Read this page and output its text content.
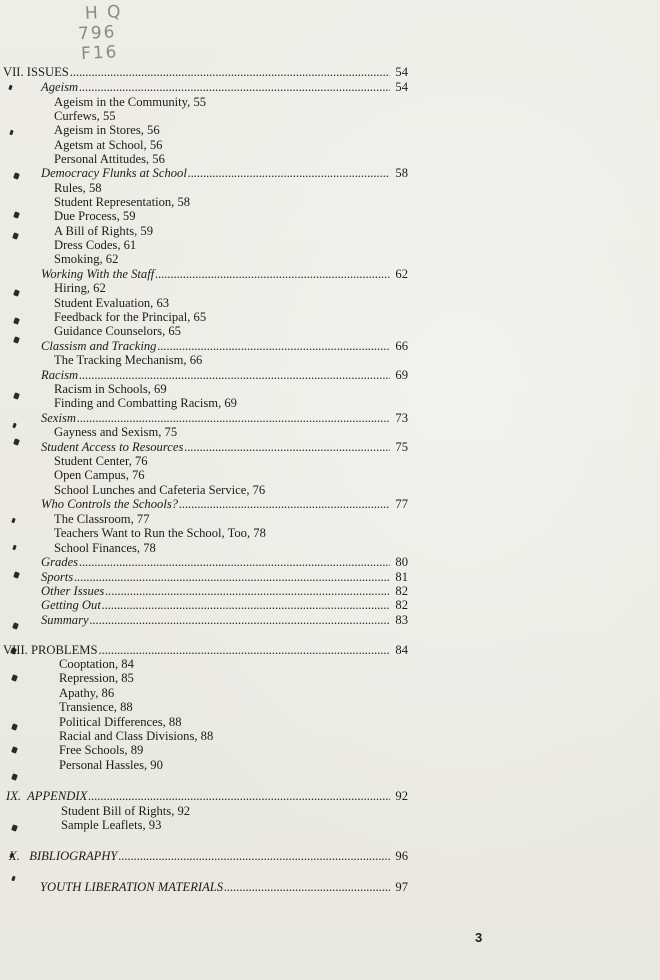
H Q
796
F16
VII. ISSUES . . .	54
Ageism . . .	54
Ageism in the Community, 55
Curfews, 55
Ageism in Stores, 56
Agetsm at School, 56
Personal Attitudes, 56
Democracy Flunks at School . . .	58
Rules, 58
Student Representation, 58
Due Process, 59
A Bill of Rights, 59
Dress Codes, 61
Smoking, 62
Working With the Staff . . .	62
Hiring, 62
Student Evaluation, 63
Feedback for the Principal, 65
Guidance Counselors, 65
Classism and Tracking . . .	66
The Tracking Mechanism, 66
Racism . . .	69
Racism in Schools, 69
Finding and Combatting Racism, 69
Sexism . . .	73
Gayness and Sexism, 75
Student Access to Resources . . .	75
Student Center, 76
Open Campus, 76
School Lunches and Cafeteria Service, 76
Who Controls the Schools? . . .	77
The Classroom, 77
Teachers Want to Run the School, Too, 78
School Finances, 78
Grades . . .	80
Sports . . .	81
Other Issues . . .	82
Getting Out . . .	82
Summary . . .	83
VIII. PROBLEMS . . .	84
Cooptation, 84
Repression, 85
Apathy, 86
Transience, 88
Political Differences, 88
Racial and Class Divisions, 88
Free Schools, 89
Personal Hassles, 90
IX.  APPENDIX . . .	92
Student Bill of Rights, 92
Sample Leaflets, 93
X.   BIBLIOGRAPHY . . .	96
YOUTH LIBERATION MATERIALS . . .	97
3
